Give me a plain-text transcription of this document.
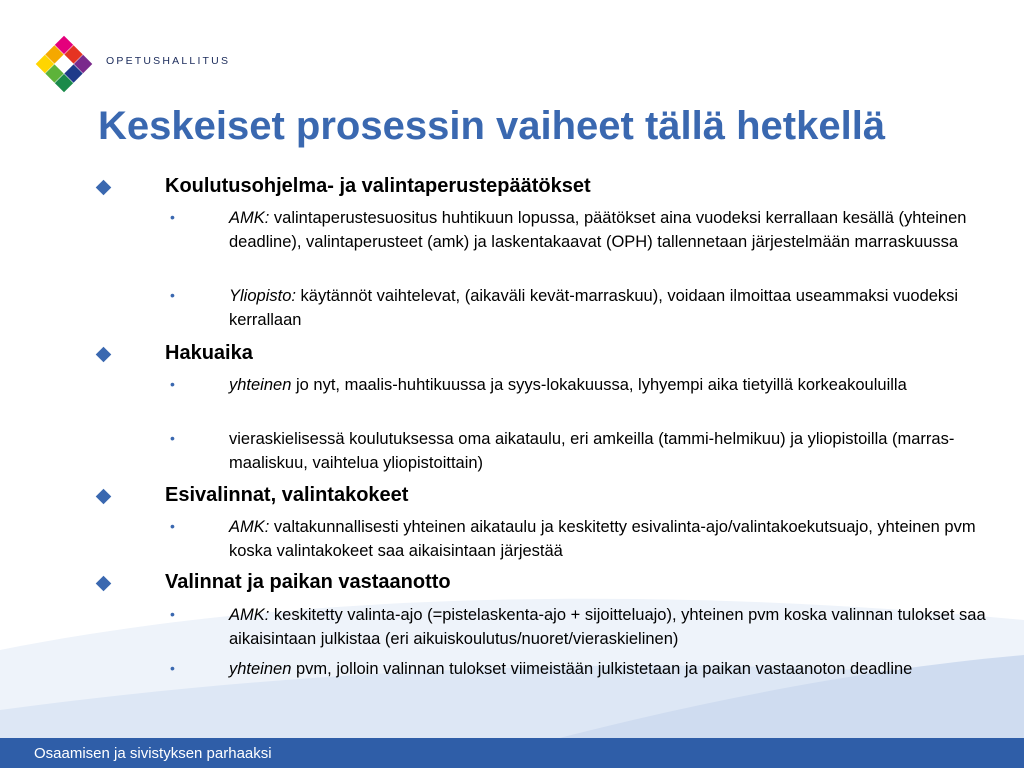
OPETUSHALLITUS
Keskeiset prosessin vaiheet tällä hetkellä
Koulutusohjelma- ja valintaperustepäätökset
•	AMK: valintaperustesuositus huhtikuun lopussa, päätökset aina vuodeksi kerrallaan kesällä (yhteinen deadline), valintaperusteet (amk) ja laskentakaavat (OPH) tallennetaan järjestelmään marraskuussa
•	Yliopisto: käytännöt vaihtelevat, (aikaväli kevät-marraskuu), voidaan ilmoittaa useammaksi vuodeksi kerrallaan
Hakuaika
•	yhteinen jo nyt, maalis-huhtikuussa ja syys-lokakuussa, lyhyempi aika tietyillä korkeakouluilla
•	vieraskielisessä koulutuksessa oma aikataulu, eri amkeilla (tammi-helmikuu) ja yliopistoilla (marras-maaliskuu, vaihtelua yliopistoittain)
Esivalinnat, valintakokeet
•	AMK: valtakunnallisesti yhteinen aikataulu ja keskitetty esivalinta-ajo/valintakoekutsuajo, yhteinen pvm koska valintakokeet saa aikaisintaan järjestää
Valinnat ja paikan vastaanotto
•	AMK: keskitetty valinta-ajo (=pistelaskenta-ajo + sijoitteluajo), yhteinen pvm koska valinnan tulokset saa aikaisintaan julkistaa (eri aikuiskoulutus/nuoret/vieraskielinen)
•	yhteinen pvm, jolloin valinnan tulokset viimeistään julkistetaan ja paikan vastaanoton deadline
Osaamisen ja sivistyksen parhaaksi
